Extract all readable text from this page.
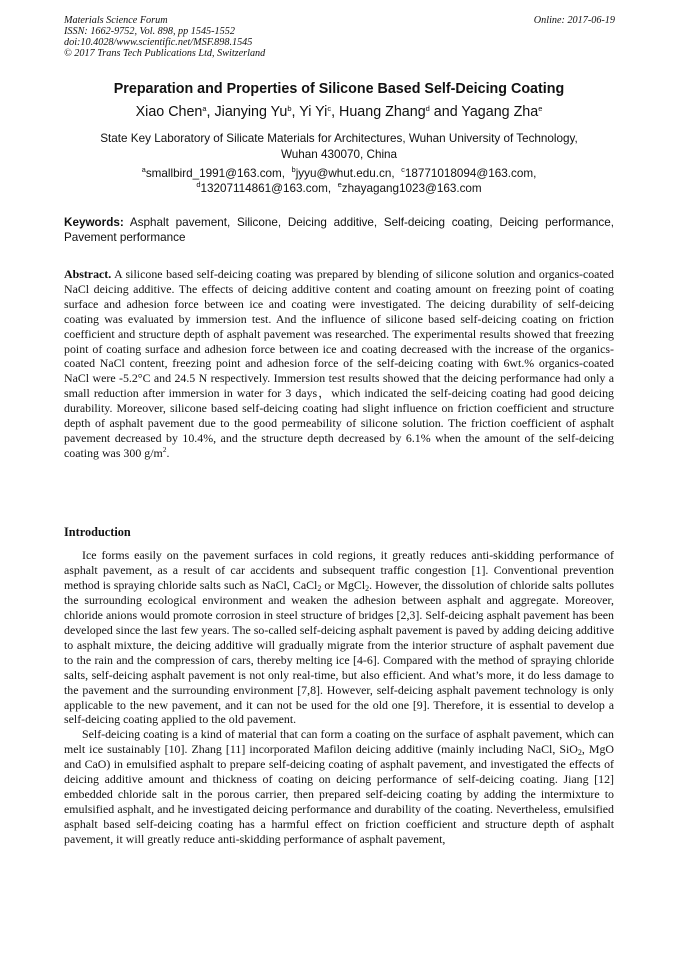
Materials Science Forum
ISSN: 1662-9752, Vol. 898, pp 1545-1552
doi:10.4028/www.scientific.net/MSF.898.1545
© 2017 Trans Tech Publications Ltd, Switzerland
Online: 2017-06-19
Preparation and Properties of Silicone Based Self-Deicing Coating
Xiao Chen$^a$, Jianying Yu$^b$, Yi Yi$^c$, Huang Zhang$^d$ and Yagang Zha$^e$
State Key Laboratory of Silicate Materials for Architectures, Wuhan University of Technology,
Wuhan 430070, China
$^a$smallbird_1991@163.com, $^b$jyyu@whut.edu.cn, $^c$18771018094@163.com,
$^d$13207114861@163.com, $^e$zhayagang1023@163.com
Keywords: Asphalt pavement, Silicone, Deicing additive, Self-deicing coating, Deicing performance, Pavement performance
Abstract. A silicone based self-deicing coating was prepared by blending of silicone solution and organics-coated NaCl deicing additive. The effects of deicing additive content and coating amount on freezing point of coating surface and adhesion force between ice and coating were investigated. The deicing durability of self-deicing coating was evaluated by immersion test. And the influence of silicone based self-deicing coating on friction coefficient and structure depth of asphalt pavement was researched. The experimental results showed that freezing point of coating surface and adhesion force between ice and coating decreased with the increase of the organics-coated NaCl content, freezing point and adhesion force of the self-deicing coating with 6wt.% organics-coated NaCl were -5.2°C and 24.5 N respectively. Immersion test results showed that the deicing performance had only a small reduction after immersion in water for 3 days，which indicated the self-deicing coating had good deicing durability. Moreover, silicone based self-deicing coating had slight influence on friction coefficient and structure depth of asphalt pavement due to the good permeability of silicone solution. The friction coefficient of asphalt pavement decreased by 10.4%, and the structure depth decreased by 6.1% when the amount of the self-deicing coating was 300 $g/m^2$.
Introduction

Ice forms easily on the pavement surfaces in cold regions, it greatly reduces anti-skidding performance of asphalt pavement, as a result of car accidents and subsequent traffic congestion [1]. Conventional prevention method is spraying chloride salts such as NaCl, CaCl$_2$ or MgCl$_2$. However, the dissolution of chloride salts pollutes the surrounding ecological environment and weaken the adhesion between asphalt and aggregate. Moreover, chloride anions would promote corrosion in steel structure of bridges [2,3]. Self-deicing asphalt pavement has been developed since the last few years. The so-called self-deicing asphalt pavement is paved by adding deicing additive to asphalt mixture, the deicing additive will gradually migrate from the interior structure of asphalt pavement due to the rain and the compression of cars, thereby melting ice [4-6]. Compared with the method of spraying chloride salts, self-deicing asphalt pavement is not only real-time, but also efficient. And what’s more, it do less damage to the pavement and the surrounding environment [7,8]. However, self-deicing asphalt pavement technology is only applicable to the new pavement, and it can not be used for the old one [9]. Therefore, it is essential to develop a self-deicing coating applied to the old pavement.

Self-deicing coating is a kind of material that can form a coating on the surface of asphalt pavement, which can melt ice sustainably [10]. Zhang [11] incorporated Mafilon deicing additive (mainly including NaCl, SiO$_2$, MgO and CaO) in emulsified asphalt to prepare self-deicing coating of asphalt pavement, and investigated the effects of deicing additive amount and thickness of coating on deicing performance of self-deicing coating. Jiang [12] embedded chloride salt in the porous carrier, then prepared self-deicing coating by adding the intermixture to emulsified asphalt, and he investigated deicing performance and durability of the coating. Nevertheless, emulsified asphalt based self-deicing coating has a harmful effect on friction coefficient and structure depth of asphalt pavement, it will greatly reduce anti-skidding performance of asphalt pavement,
